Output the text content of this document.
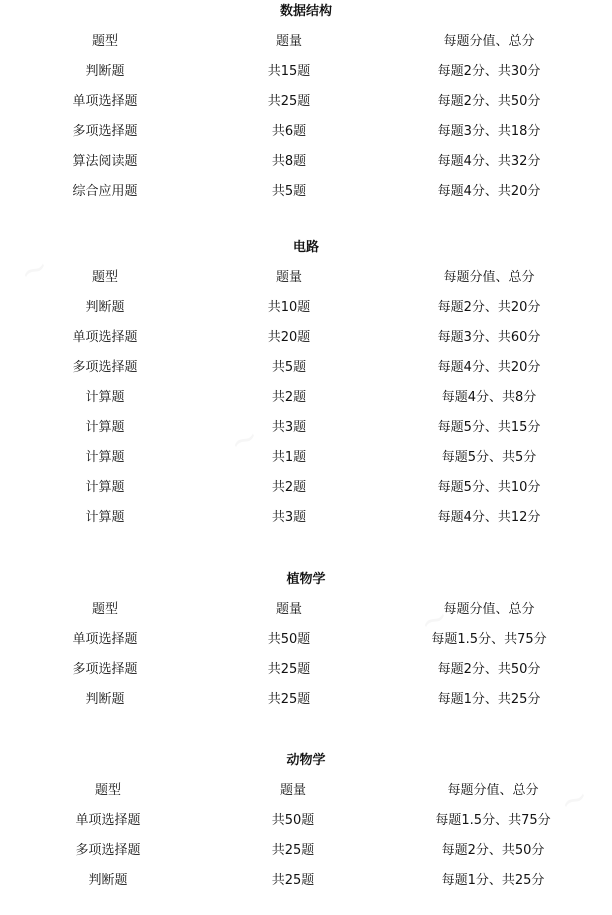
数据结构
题型	题量	每题分值、总分
判断题	共15题	每题2分、共30分
单项选择题	共25题	每题2分、共50分
多项选择题	共6题	每题3分、共18分
算法阅读题	共8题	每题4分、共32分
综合应用题	共5题	每题4分、共20分
电路
题型	题量	每题分值、总分
判断题	共10题	每题2分、共20分
单项选择题	共20题	每题3分、共60分
多项选择题	共5题	每题4分、共20分
计算题	共2题	每题4分、共8分
计算题	共3题	每题5分、共15分
计算题	共1题	每题5分、共5分
计算题	共2题	每题5分、共10分
计算题	共3题	每题4分、共12分
植物学
题型	题量	每题分值、总分
单项选择题	共50题	每题1.5分、共75分
多项选择题	共25题	每题2分、共50分
判断题	共25题	每题1分、共25分
动物学
题型	题量	每题分值、总分
单项选择题	共50题	每题1.5分、共75分
多项选择题	共25题	每题2分、共50分
判断题	共25题	每题1分、共25分
